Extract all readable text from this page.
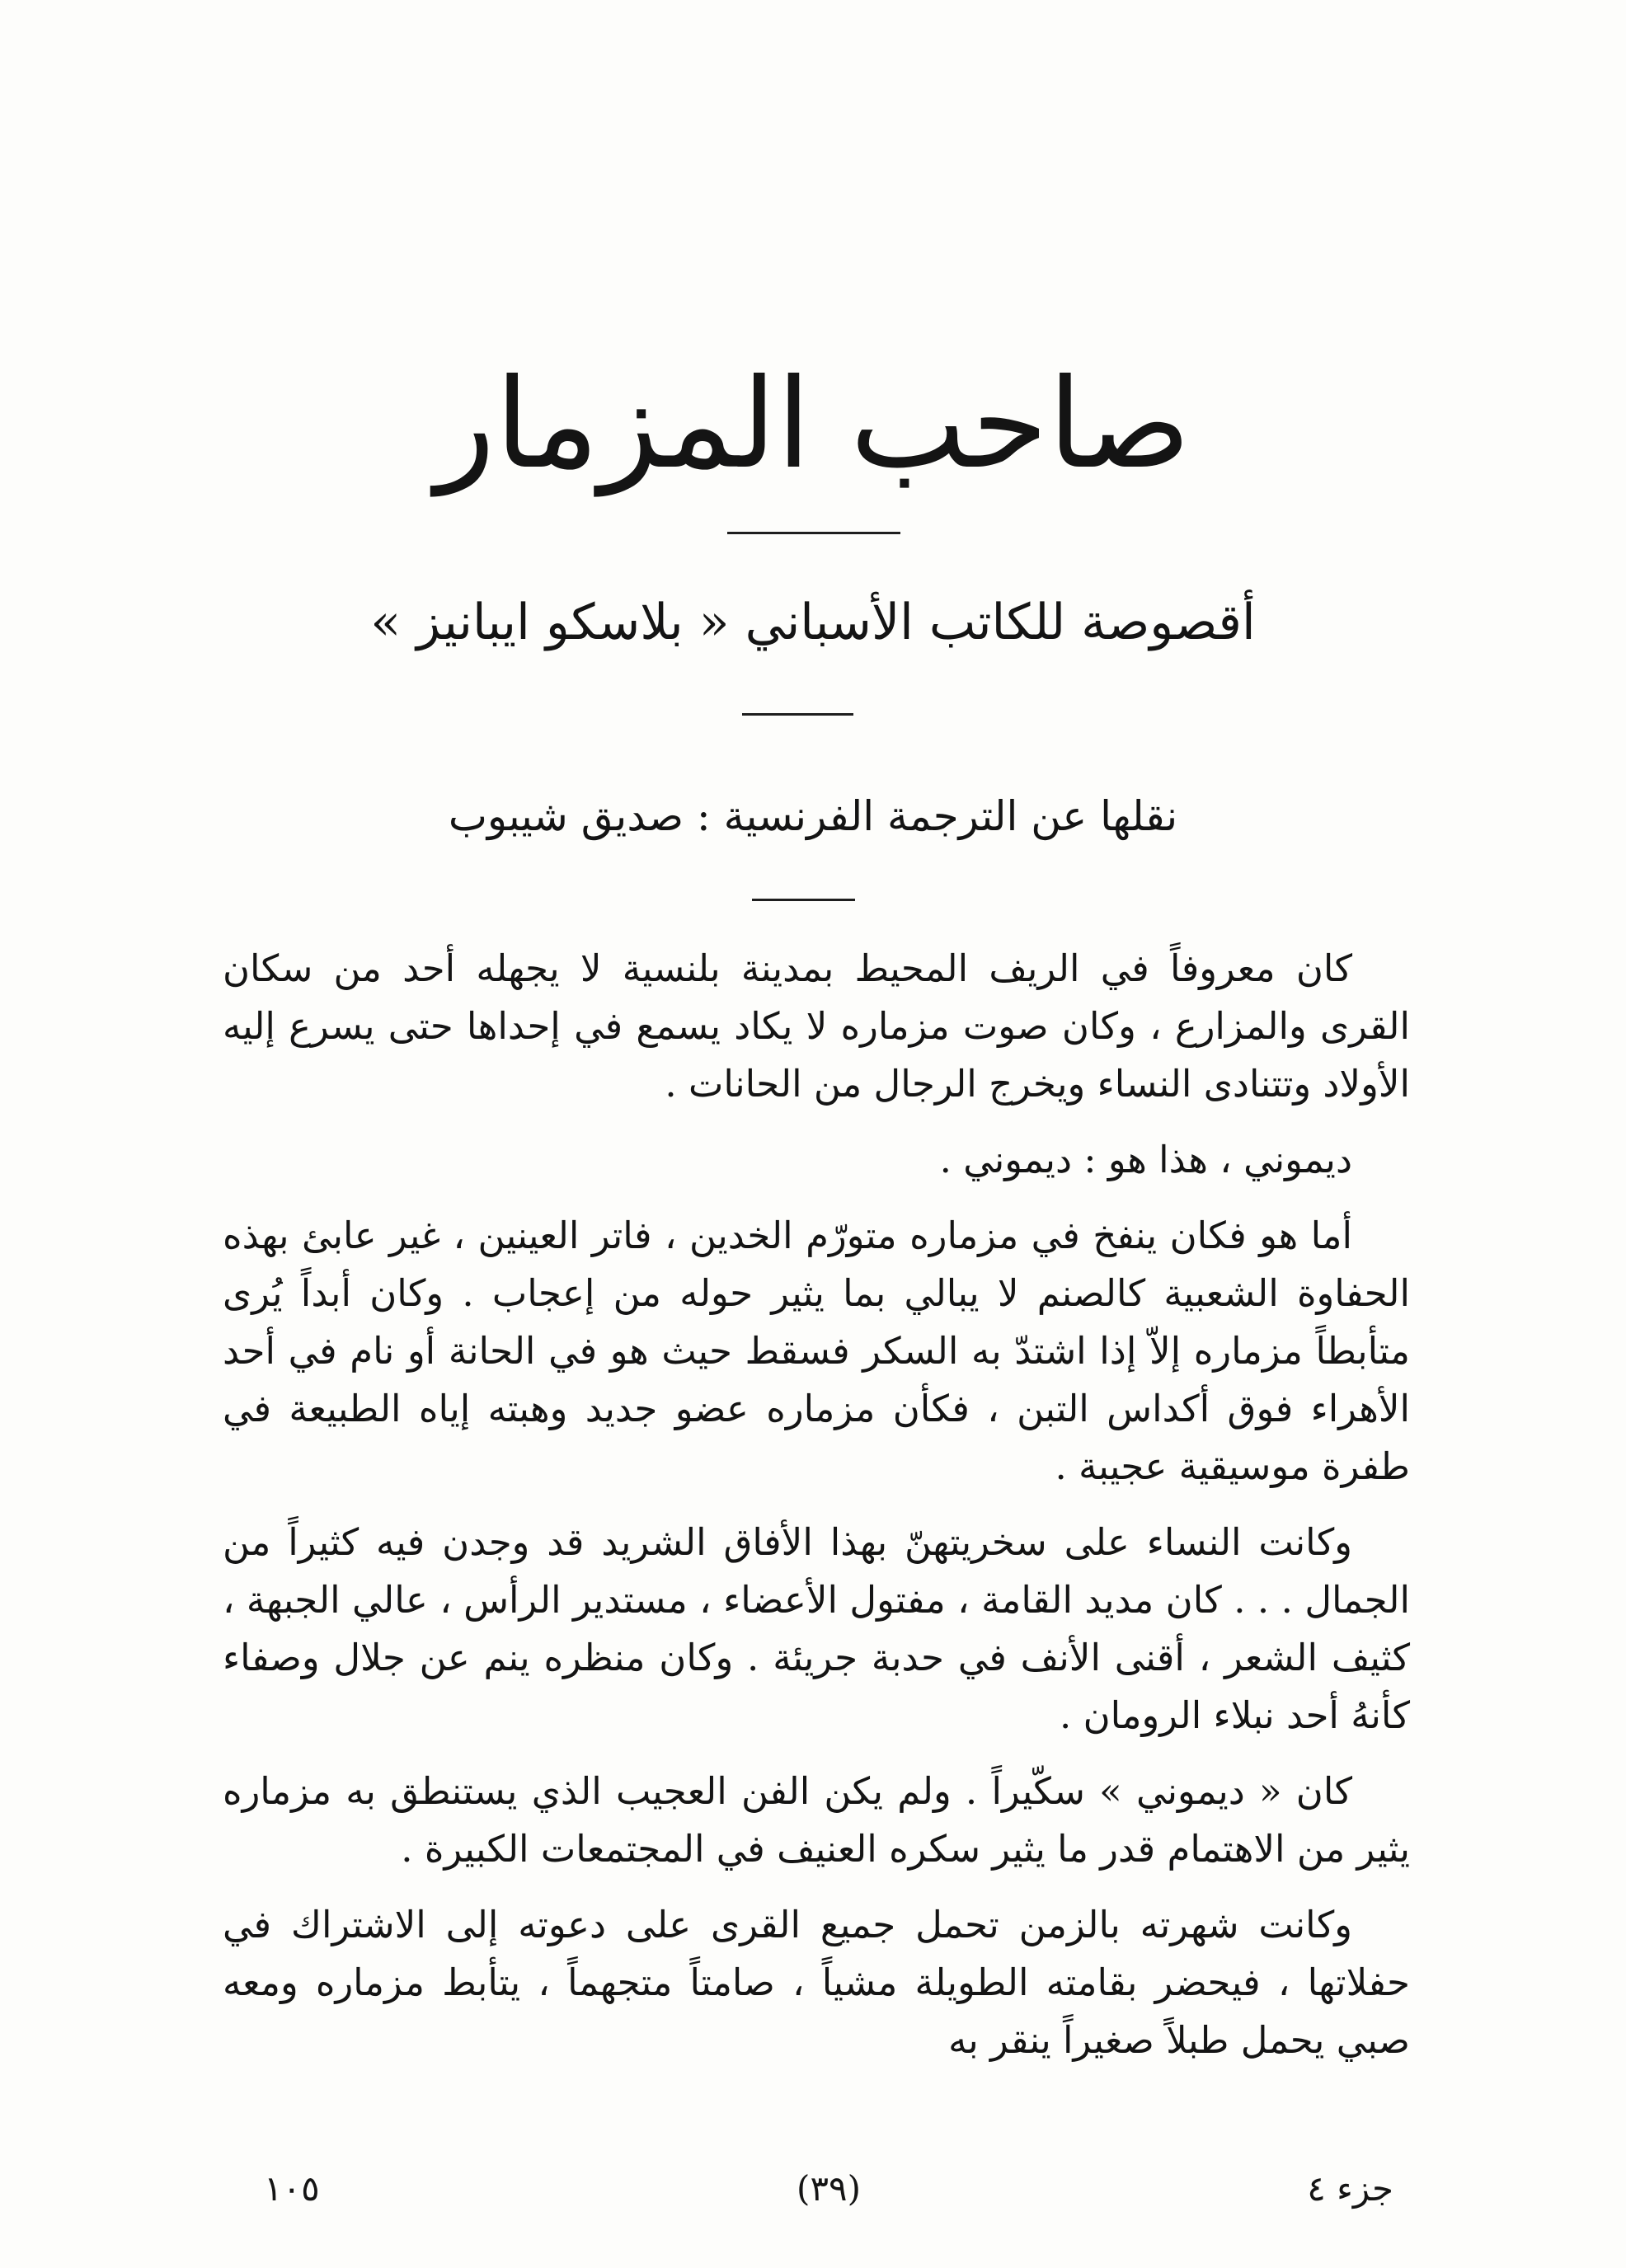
صاحب المزمار
أقصوصة للكاتب الأسباني « بلاسكو ايبانيز »
نقلها عن الترجمة الفرنسية : صديق شيبوب

كان معروفاً في الريف المحيط بمدينة بلنسية لا يجهله أحد من سكان القرى والمزارع ، وكان صوت مزماره لا يكاد يسمع في إحداها حتى يسرع إليه الأولاد وتتنادى النساء ويخرج الرجال من الحانات .

ديموني ، هذا هو : ديموني .

أما هو فكان ينفخ في مزماره متورّم الخدين ، فاتر العينين ، غير عابئ بهذه الحفاوة الشعبية كالصنم لا يبالي بما يثير حوله من إعجاب . وكان أبداً يُرى متأبطاً مزماره إلاّ إذا اشتدّ به السكر فسقط حيث هو في الحانة أو نام في أحد الأهراء فوق أكداس التبن ، فكأن مزماره عضو جديد وهبته إياه الطبيعة في طفرة موسيقية عجيبة .

وكانت النساء على سخريتهنّ بهذا الأفاق الشريد قد وجدن فيه كثيراً من الجمال . . . كان مديد القامة ، مفتول الأعضاء ، مستدير الرأس ، عالي الجبهة ، كثيف الشعر ، أقنى الأنف في حدبة جريئة . وكان منظره ينم عن جلال وصفاء كأنهُ أحد نبلاء الرومان .

كان « ديموني » سكّيراً . ولم يكن الفن العجيب الذي يستنطق به مزماره يثير من الاهتمام قدر ما يثير سكره العنيف في المجتمعات الكبيرة .

وكانت شهرته بالزمن تحمل جميع القرى على دعوته إلى الاشتراك في حفلاتها ، فيحضر بقامته الطويلة مشياً ، صامتاً متجهماً ، يتأبط مزماره ومعه صبي يحمل طبلاً صغيراً ينقر به

١٠٥	(٣٩)	جزء ٤
